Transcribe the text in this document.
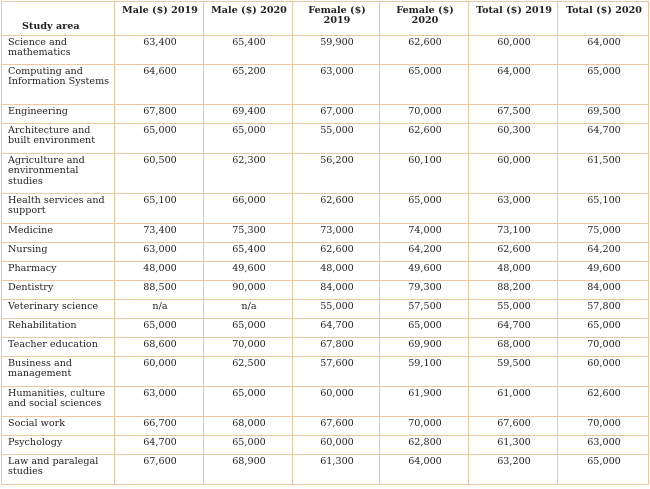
Study area	Male ($) 2019	Male ($) 2020	Female ($) 2019	Female ($) 2020	Total ($) 2019	Total ($) 2020
Science and mathematics	63,400	65,400	59,900	62,600	60,000	64,000
Computing and Information Systems	64,600	65,200	63,000	65,000	64,000	65,000
Engineering	67,800	69,400	67,000	70,000	67,500	69,500
Architecture and built environment	65,000	65,000	55,000	62,600	60,300	64,700
Agriculture and environmental studies	60,500	62,300	56,200	60,100	60,000	61,500
Health services and support	65,100	66,000	62,600	65,000	63,000	65,100
Medicine	73,400	75,300	73,000	74,000	73,100	75,000
Nursing	63,000	65,400	62,600	64,200	62,600	64,200
Pharmacy	48,000	49,600	48,000	49,600	48,000	49,600
Dentistry	88,500	90,000	84,000	79,300	88,200	84,000
Veterinary science	n/a	n/a	55,000	57,500	55,000	57,800
Rehabilitation	65,000	65,000	64,700	65,000	64,700	65,000
Teacher education	68,600	70,000	67,800	69,900	68,000	70,000
Business and management	60,000	62,500	57,600	59,100	59,500	60,000
Humanities, culture and social sciences	63,000	65,000	60,000	61,900	61,000	62,600
Social work	66,700	68,000	67,600	70,000	67,600	70,000
Psychology	64,700	65,000	60,000	62,800	61,300	63,000
Law and paralegal studies	67,600	68,900	61,300	64,000	63,200	65,000
